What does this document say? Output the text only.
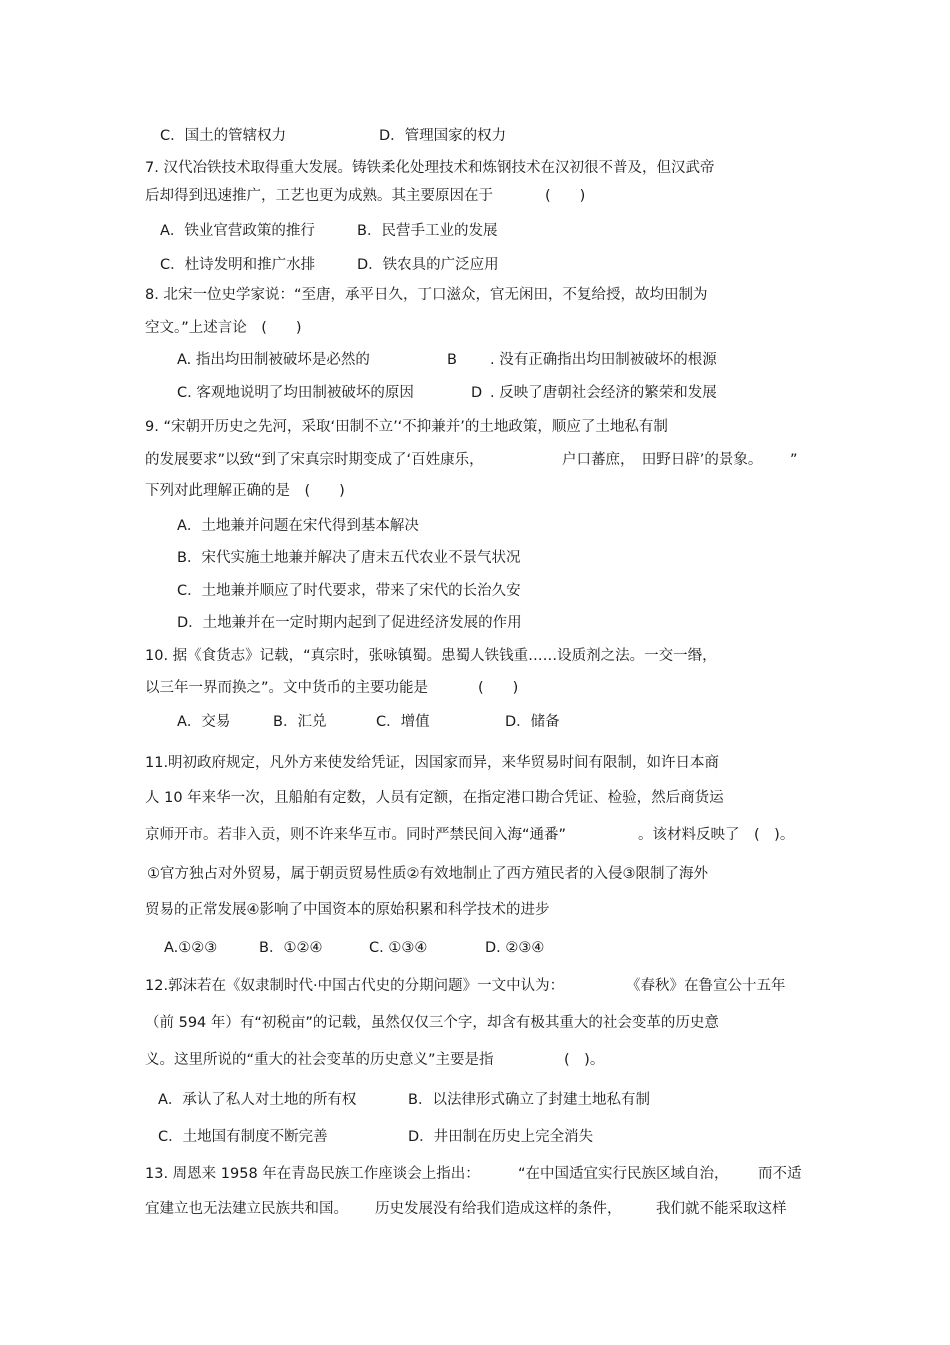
C．国土的管辖权力	D．管理国家的权力
7. 汉代冶铁技术取得重大发展。铸铁柔化处理技术和炼钢技术在汉初很不普及，但汉武帝
后却得到迅速推广，工艺也更为成熟。其主要原因在于	(　　)
A．铁业官营政策的推行	B．民营手工业的发展
C．杜诗发明和推广水排	D．铁农具的广泛应用
8. 北宋一位史学家说：“至唐，承平日久，丁口滋众，官无闲田，不复给授，故均田制为
空文。”上述言论　(　　)
A. 指出均田制被破坏是必然的	B . 没有正确指出均田制被破坏的根源
C. 客观地说明了均田制被破坏的原因	D . 反映了唐朝社会经济的繁荣和发展
9. “宋朝开历史之先河，采取‘田制不立’‘不抑兼并’的土地政策，顺应了土地私有制
的发展要求”以致“到了宋真宗时期变成了‘百姓康乐，	户口蕃庶，　田野日辟’的景象。 ”
下列对此理解正确的是　(　　)
A．土地兼并问题在宋代得到基本解决
B．宋代实施土地兼并解决了唐末五代农业不景气状况
C．土地兼并顺应了时代要求，带来了宋代的长治久安
D．土地兼并在一定时期内起到了促进经济发展的作用
10. 据《食货志》记载，“真宗时，张咏镇蜀。患蜀人铁钱重……设质剂之法。一交一缗，
以三年一界而换之”。文中货币的主要功能是	(　　)
A．交易	B．汇兑	C．增值	D．储备
11.明初政府规定，凡外方来使发给凭证，因国家而异，来华贸易时间有限制，如许日本商
人 10 年来华一次，且船舶有定数，人员有定额，在指定港口勘合凭证、检验，然后商货运
京师开市。若非入贡，则不许来华互市。同时严禁民间入海“通番”	。该材料反映了　(　)。
①官方独占对外贸易，属于朝贡贸易性质②有效地制止了西方殖民者的入侵③限制了海外
贸易的正常发展④影响了中国资本的原始积累和科学技术的进步
A.①②③	B．①②④	C. ①③④	D. ②③④
12.郭沫若在《奴隶制时代·中国古代史的分期问题》一文中认为：	《春秋》在鲁宣公十五年
（前 594 年）有“初税亩”的记载，虽然仅仅三个字，却含有极其重大的社会变革的历史意
义。这里所说的“重大的社会变革的历史意义”主要是指	(　)。
A．承认了私人对土地的所有权	B．以法律形式确立了封建土地私有制
C．土地国有制度不断完善	D．井田制在历史上完全消失
13. 周恩来 1958 年在青岛民族工作座谈会上指出：	“在中国适宜实行民族区域自治， 而不适
宜建立也无法建立民族共和国。 历史发展没有给我们造成这样的条件， 我们就不能采取这样
